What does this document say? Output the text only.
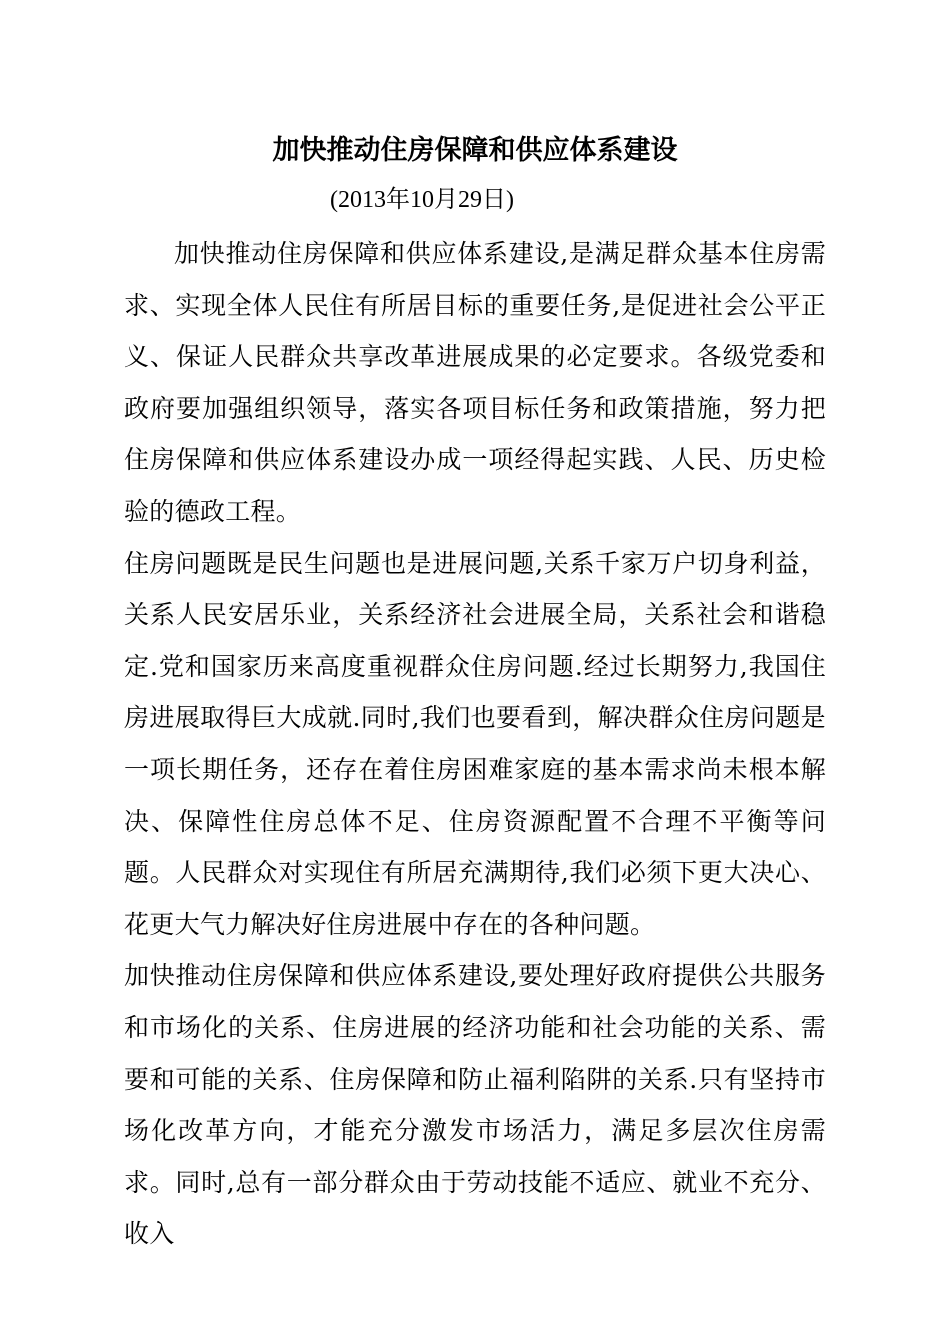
加快推动住房保障和供应体系建设
(2013年10月29日)

加快推动住房保障和供应体系建设,是满足群众基本住房需求、实现全体人民住有所居目标的重要任务,是促进社会公平正义、保证人民群众共享改革进展成果的必定要求。各级党委和政府要加强组织领导，落实各项目标任务和政策措施，努力把住房保障和供应体系建设办成一项经得起实践、人民、历史检验的德政工程。

住房问题既是民生问题也是进展问题,关系千家万户切身利益，关系人民安居乐业，关系经济社会进展全局，关系社会和谐稳定.党和国家历来高度重视群众住房问题.经过长期努力,我国住房进展取得巨大成就.同时,我们也要看到，解决群众住房问题是一项长期任务，还存在着住房困难家庭的基本需求尚未根本解决、保障性住房总体不足、住房资源配置不合理不平衡等问题。人民群众对实现住有所居充满期待,我们必须下更大决心、花更大气力解决好住房进展中存在的各种问题。

加快推动住房保障和供应体系建设,要处理好政府提供公共服务和市场化的关系、住房进展的经济功能和社会功能的关系、需要和可能的关系、住房保障和防止福利陷阱的关系.只有坚持市场化改革方向，才能充分激发市场活力，满足多层次住房需求。同时,总有一部分群众由于劳动技能不适应、就业不充分、收入
